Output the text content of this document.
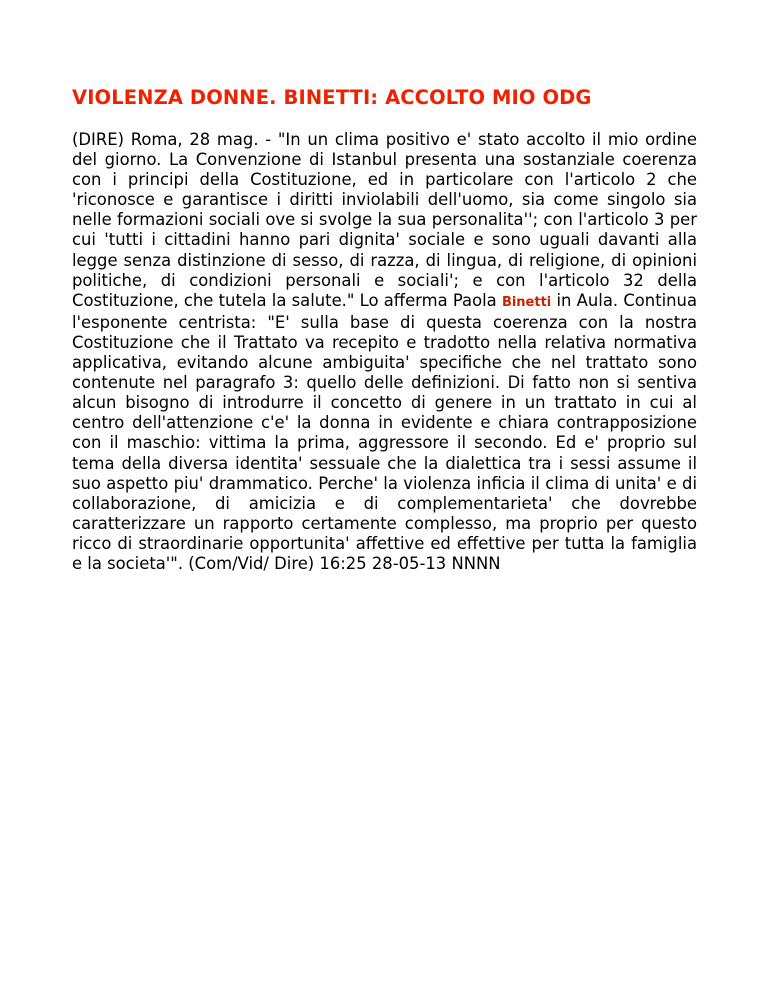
VIOLENZA DONNE. BINETTI: ACCOLTO MIO ODG

(DIRE) Roma, 28 mag. - "In un clima positivo e' stato accolto il mio ordine del giorno. La Convenzione di Istanbul presenta una sostanziale coerenza con i principi della Costituzione, ed in particolare con l'articolo 2 che 'riconosce e garantisce i diritti inviolabili dell'uomo, sia come singolo sia nelle formazioni sociali ove si svolge la sua personalita''; con l'articolo 3 per cui 'tutti i cittadini hanno pari dignita' sociale e sono uguali davanti alla legge senza distinzione di sesso, di razza, di lingua, di religione, di opinioni politiche, di condizioni personali e sociali'; e con l'articolo 32 della Costituzione, che tutela la salute." Lo afferma Paola Binetti in Aula. Continua l'esponente centrista: "E' sulla base di questa coerenza con la nostra Costituzione che il Trattato va recepito e tradotto nella relativa normativa applicativa, evitando alcune ambiguita' specifiche che nel trattato sono contenute nel paragrafo 3: quello delle definizioni. Di fatto non si sentiva alcun bisogno di introdurre il concetto di genere in un trattato in cui al centro dell'attenzione c'e' la donna in evidente e chiara contrapposizione con il maschio: vittima la prima, aggressore il secondo. Ed e' proprio sul tema della diversa identita' sessuale che la dialettica tra i sessi assume il suo aspetto piu' drammatico. Perche' la violenza inficia il clima di unita' e di collaborazione, di amicizia e di complementarieta' che dovrebbe caratterizzare un rapporto certamente complesso, ma proprio per questo ricco di straordinarie opportunita' affettive ed effettive per tutta la famiglia e la societa'". (Com/Vid/ Dire) 16:25 28-05-13 NNNN
